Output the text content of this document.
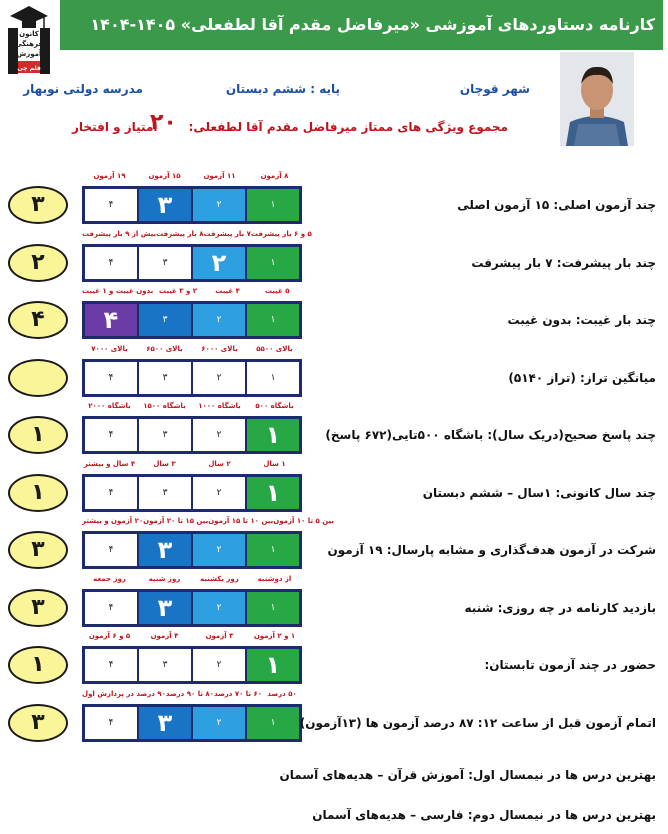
کارنامه دستاوردهای آموزشی «میرفاضل مقدم آقا لطفعلی» ۱۴۰۵-۱۴۰۴
کانون
فرهنگی
آموزش
قلم چی
شهر قوچان
پایه : ششم دبستان
مدرسه دولتی نوبهار
مجموع ویژگی های ممتاز میرفاضل مقدم آقا لطفعلی:
۲۰
امتیاز و افتخار
۱۹ آزمون	۱۵ آزمون	۱۱ آزمون	۸ آزمون
۴	۳	۲	۱
۳	چند آزمون اصلی: ۱۵ آزمون اصلی
بیش از ۹ بار پیشرفت ۸ بار پیشرفت ۷ بار پیشرفت ۵ و ۶ بار پیشرفت
۴	۳	۲	۱
۲	چند بار پیشرفت: ۷ بار پیشرفت
بدون غیبت و ۱ غیبت ۲ و ۳ غیبت	۴ غیبت	۵ غیبت
۴	۳	۲	۱
۴	چند بار غیبت: بدون غیبت
بالای ۷۰۰۰	بالای ۶۵۰۰	بالای ۶۰۰۰	بالای ۵۵۰۰
۴	۳	۲	۱	میانگین تراز: (تراز ۵۱۴۰)
باشگاه ۲۰۰۰	باشگاه ۱۵۰۰	باشگاه ۱۰۰۰	باشگاه ۵۰۰
۴	۳	۲	۱
۱	چند پاسخ صحیح(دریک سال): باشگاه ۵۰۰تایی(۶۷۲ پاسخ)
۴ سال و بیشتر	۳ سال	۲ سال	۱ سال
۴	۳	۲	۱
۱	چند سال کانونی: ۱سال – ششم دبستان
۲۰ آزمون و بیشتر بین ۱۵ تا ۲۰ آزمون بین ۱۰ تا ۱۵ آزمون بین ۵ تا ۱۰ آزمون
۴	۳	۲	۱
۳	شرکت در آزمون هدف‌گذاری و مشابه پارسال: ۱۹ آزمون
روز جمعه	روز شنبه	روز یکشنبه	از دوشنبه
۴	۳	۲	۱
۳	بازدید کارنامه در چه روزی: شنبه
۵ و ۶ آزمون	۴ آزمون	۳ آزمون	۱ و ۲ آزمون
۴	۳	۲	۱
۱	حضور در چند آزمون تابستان:
۹۰ درصد در پردازش اول ۸۰ تا ۹۰ درصد ۶۰ تا ۷۰ درصد ۵۰ درصد
۴	۳	۲	۱
۳	اتمام آزمون قبل از ساعت ۱۲: ۸۷ درصد آزمون ها (۱۳آزمون)
بهترین درس ها در نیمسال اول: آموزش قرآن – هدیه‌های آسمان
بهترین درس ها در نیمسال دوم: فارسی – هدیه‌های آسمان
